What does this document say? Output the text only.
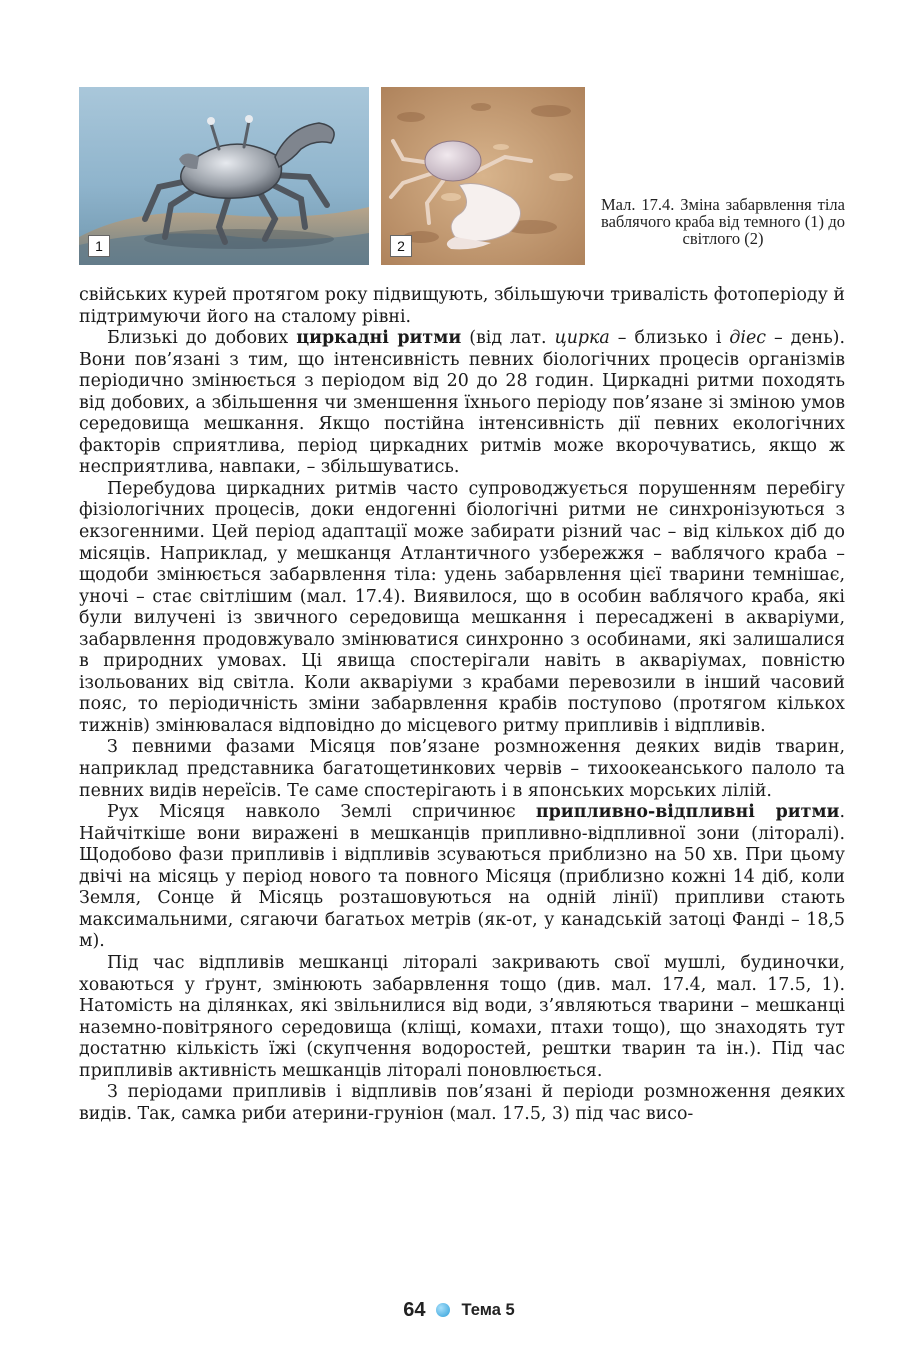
1	2
Мал. 17.4. Зміна забарвлення тіла ваблячого краба від темного (1) до світлого (2)

свійських курей протягом року підвищують, збільшуючи тривалість фотоперіоду й підтримуючи його на сталому рівні.

Близькі до добових циркадні ритми (від лат. циркa – близько і діес – день). Вони пов’язані з тим, що інтенсивність певних біологічних процесів організмів періодично змінюється з періодом від 20 до 28 годин. Циркадні ритми походять від добових, а збільшення чи зменшення їхнього періоду пов’язане зі зміною умов середовища мешкання. Якщо постійна інтенсивність дії певних екологічних факторів сприятлива, період циркадних ритмів може вкорочуватись, якщо ж несприятлива, навпаки, – збільшуватись.

Перебудова циркадних ритмів часто супроводжується порушенням перебігу фізіологічних процесів, доки ендогенні біологічні ритми не синхронізуються з екзогенними. Цей період адаптації може забирати різний час – від кількох діб до місяців. Наприклад, у мешканця Атлантичного узбережжя – ваблячого краба – щодоби змінюється забарвлення тіла: удень забарвлення цієї тварини темнішає, уночі – стає світлішим (мал. 17.4). Виявилося, що в особин ваблячого краба, які були вилучені із звичного середовища мешкання і пересаджені в акваріуми, забарвлення продовжувало змінюватися синхронно з особинами, які залишалися в природних умовах. Ці явища спостерігали навіть в акваріумах, повністю ізольованих від світла. Коли акваріуми з крабами перевозили в інший часовий пояс, то періодичність зміни забарвлення крабів поступово (протягом кількох тижнів) змінювалася відповідно до місцевого ритму припливів і відпливів.

З певними фазами Місяця пов’язане розмноження деяких видів тварин, наприклад представника багатощетинкових червів – тихоокеанського палоло та певних видів нереїсів. Те саме спостерігають і в японських морських лілій.

Рух Місяця навколо Землі спричинює припливно-відпливні ритми. Найчіткіше вони виражені в мешканців припливно-відпливної зони (літоралі). Щодобово фази припливів і відпливів зсуваються приблизно на 50 хв. При цьому двічі на місяць у період нового та повного Місяця (приблизно кожні 14 діб, коли Земля, Сонце й Місяць розташовуються на одній лінії) припливи стають максимальними, сягаючи багатьох метрів (як-от, у канадській затоці Фанді – 18,5 м).

Під час відпливів мешканці літоралі закривають свої мушлі, будиночки, ховаються у ґрунт, змінюють забарвлення тощо (див. мал. 17.4, мал. 17.5, 1). Натомість на ділянках, які звільнилися від води, з’являються тварини – мешканці наземно-повітряного середовища (кліщі, комахи, птахи тощо), що знаходять тут достатню кількість їжі (скупчення водоростей, рештки тварин та ін.). Під час припливів активність мешканців літоралі поновлюється.

З періодами припливів і відпливів пов’язані й періоди розмноження деяких видів. Так, самка риби атерини-груніон (мал. 17.5, 3) під час висо-

64 Тема 5
